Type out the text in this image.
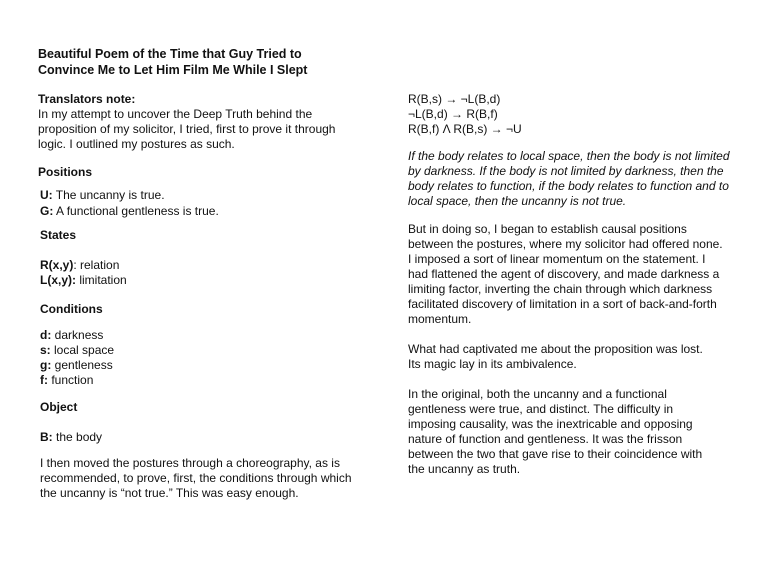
Beautiful Poem of the Time that Guy Tried to Convince Me to Let Him Film Me While I Slept
Translators note:
In my attempt to uncover the Deep Truth behind the proposition of my solicitor, I tried, first to prove it through logic. I outlined my postures as such.
Positions
U: The uncanny is true.
G: A functional gentleness is true.
States
R(x,y): relation
L(x,y): limitation
Conditions
d: darkness
s: local space
g: gentleness
f: function
Object
B: the body
I then moved the postures through a choreography, as is recommended, to prove, first, the conditions through which the uncanny is “not true.” This was easy enough.
R(B,s) → ¬L(B,d)
¬L(B,d) → R(B,f)
R(B,f) Λ R(B,s) → ¬U
If the body relates to local space, then the body is not limited by darkness. If the body is not limited by darkness, then the body relates to function, if the body relates to function and to local space, then the uncanny is not true.
But in doing so, I began to establish causal positions between the postures, where my solicitor had offered none. I imposed a sort of linear momentum on the statement. I had flattened the agent of discovery, and made darkness a limiting factor, inverting the chain through which darkness facilitated discovery of limitation in a sort of back-and-forth momentum.
What had captivated me about the proposition was lost. Its magic lay in its ambivalence.
In the original, both the uncanny and a functional gentleness were true, and distinct. The difficulty in imposing causality, was the inextricable and opposing nature of function and gentleness. It was the frisson between the two that gave rise to their coincidence with the uncanny as truth.
